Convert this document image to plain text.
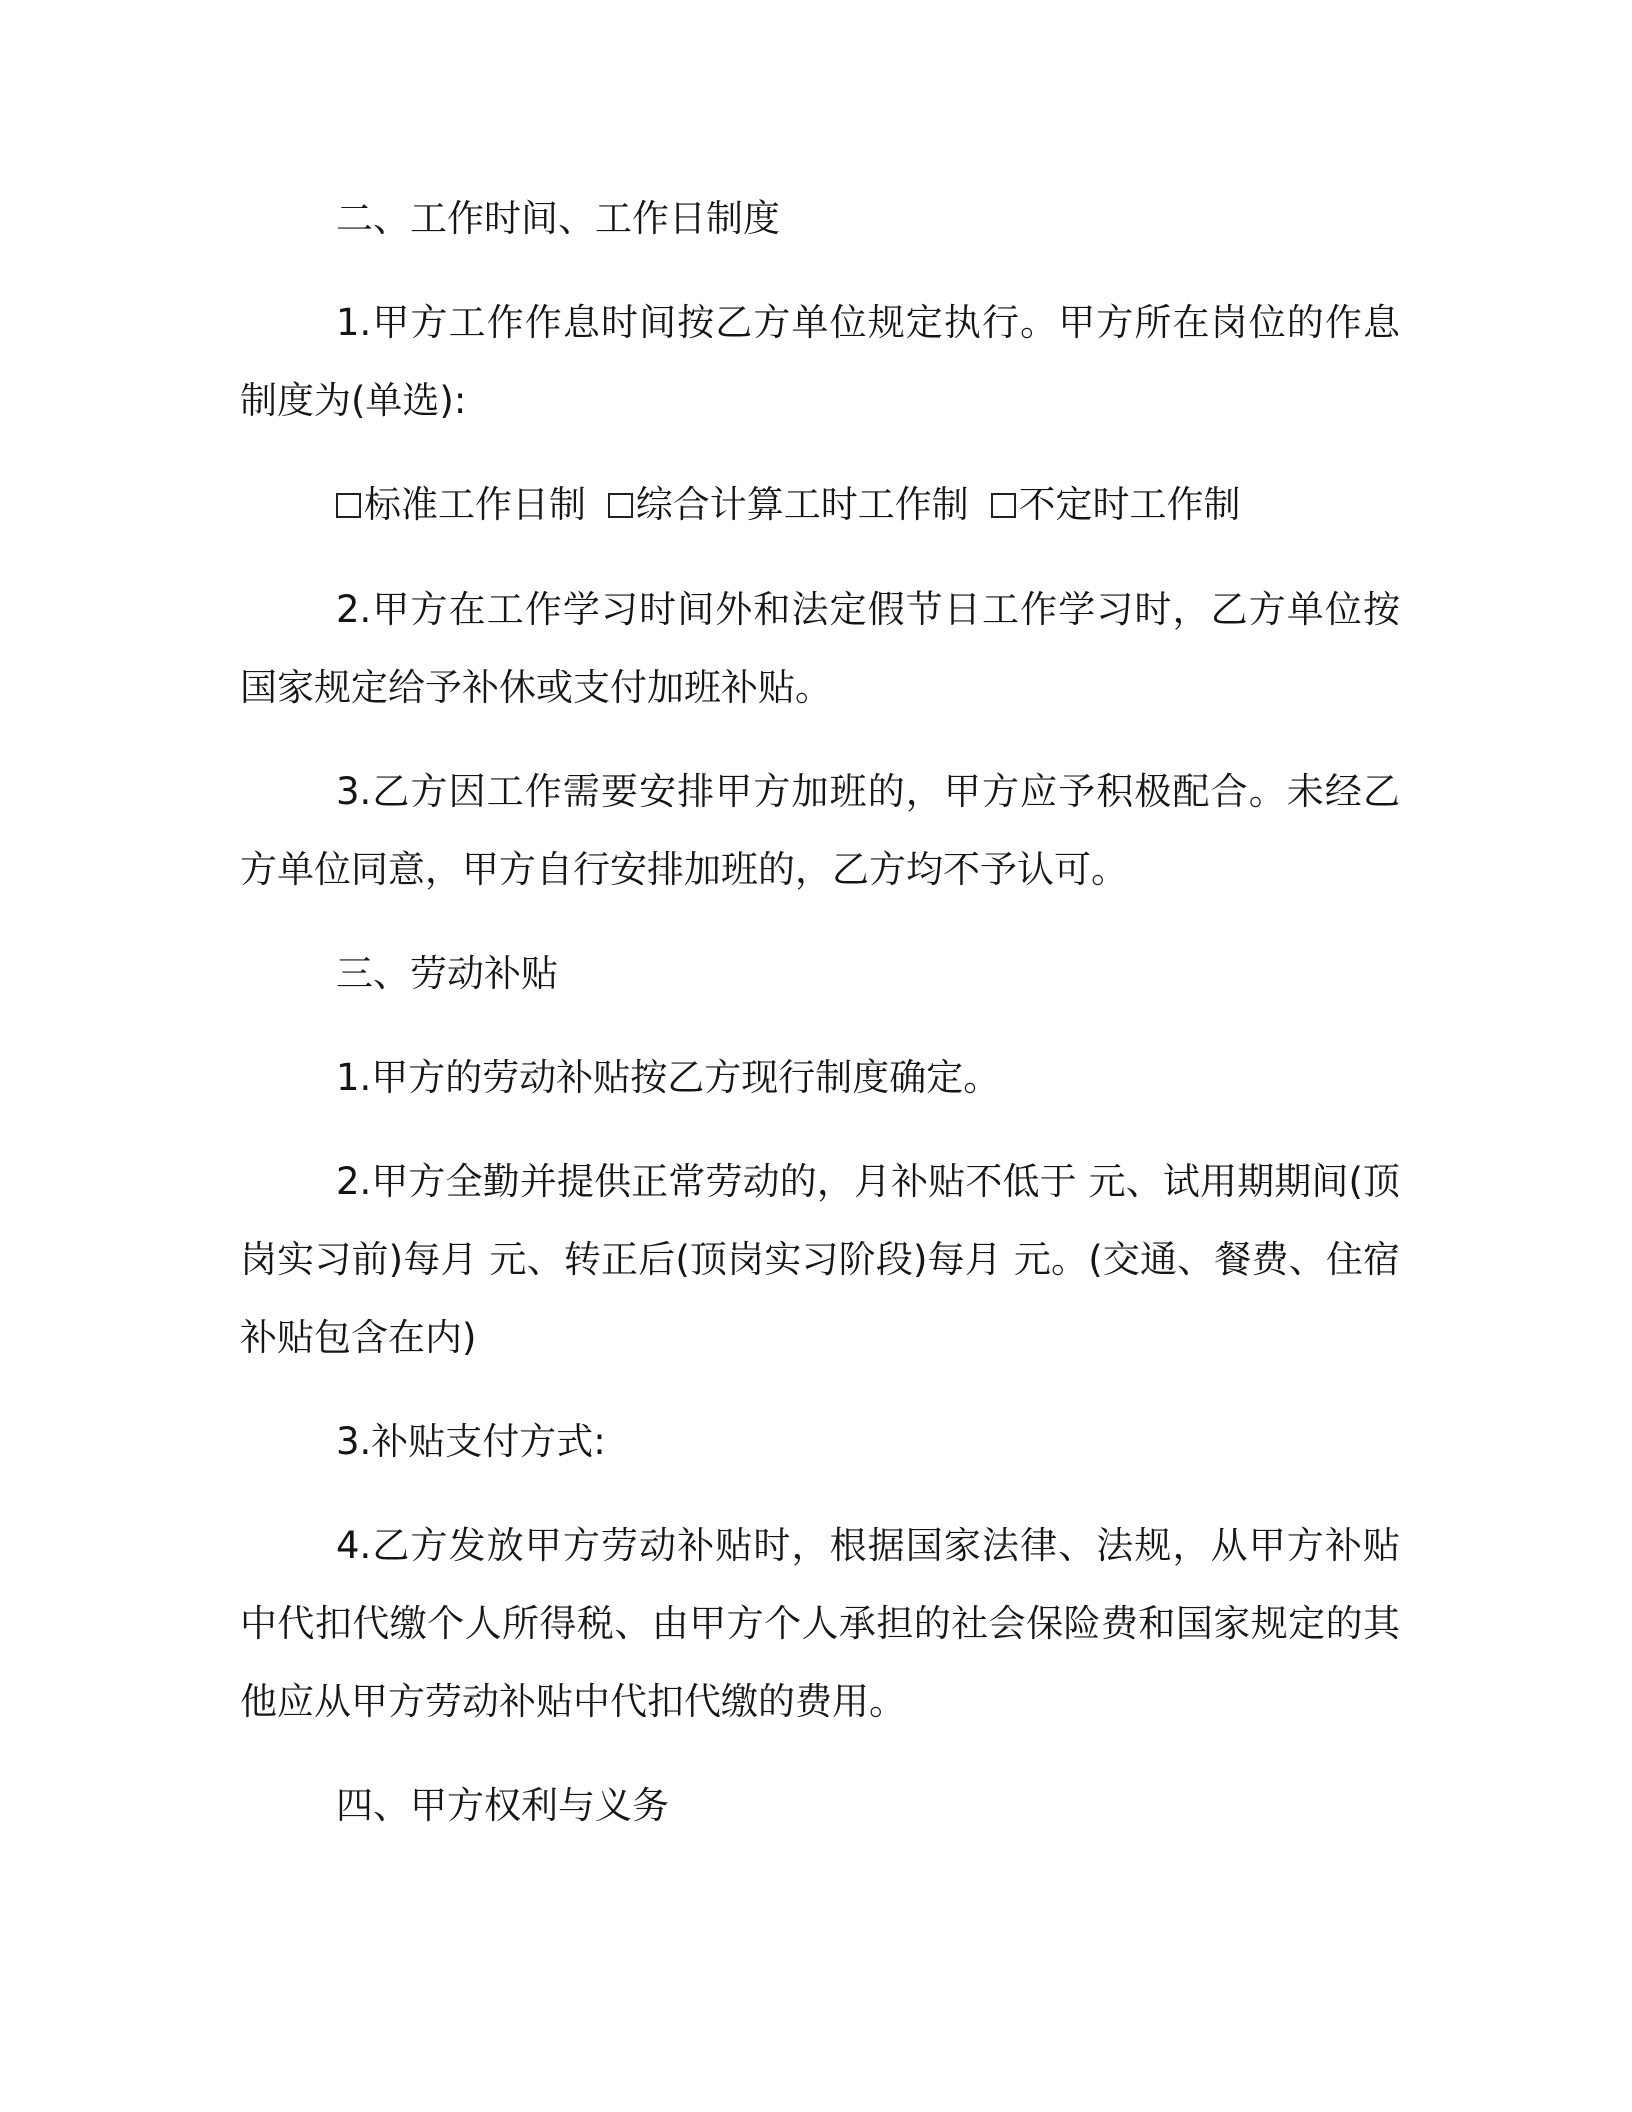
二、工作时间、工作日制度
1.甲方工作作息时间按乙方单位规定执行。甲方所在岗位的作息制度为(单选):
标准工作日制
综合计算工时工作制
不定时工作制
2.甲方在工作学习时间外和法定假节日工作学习时，乙方单位按国家规定给予补休或支付加班补贴。
3.乙方因工作需要安排甲方加班的，甲方应予积极配合。未经乙方单位同意，甲方自行安排加班的，乙方均不予认可。
三、劳动补贴
1.甲方的劳动补贴按乙方现行制度确定。
2.甲方全勤并提供正常劳动的，月补贴不低于 元、试用期期间(顶岗实习前)每月 元、转正后(顶岗实习阶段)每月 元。(交通、餐费、住宿补贴包含在内)
3.补贴支付方式:
4.乙方发放甲方劳动补贴时，根据国家法律、法规，从甲方补贴中代扣代缴个人所得税、由甲方个人承担的社会保险费和国家规定的其他应从甲方劳动补贴中代扣代缴的费用。
四、甲方权利与义务
